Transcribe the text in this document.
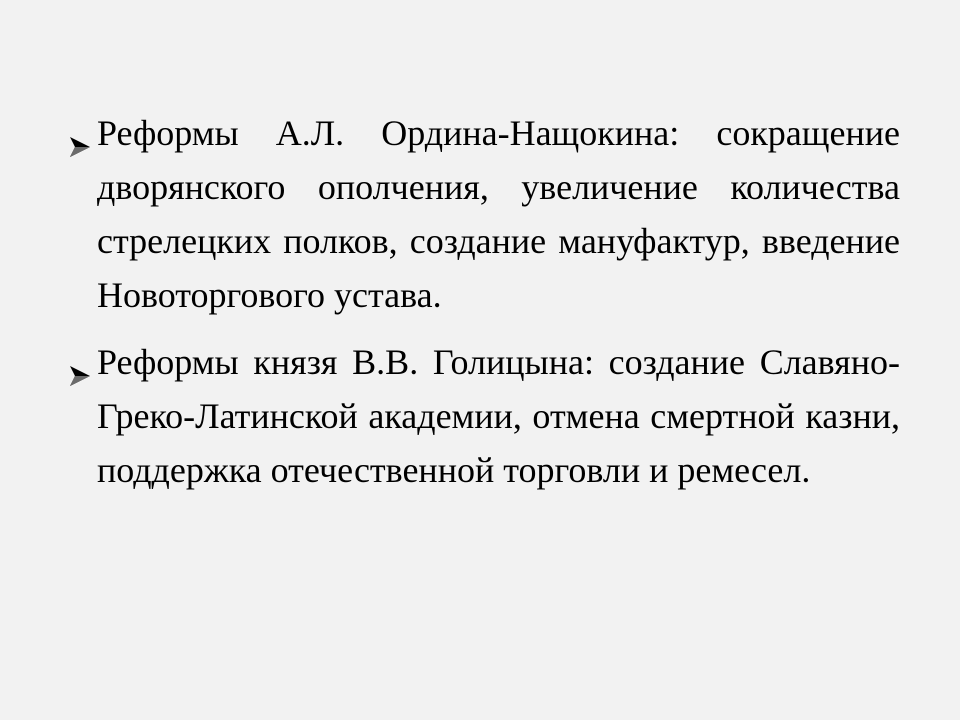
Реформы А.Л. Ордина-Нащокина: сокращение дворянского ополчения, увеличение количества стрелецких полков, создание мануфактур, введение Новоторгового устава.
Реформы князя В.В. Голицына: создание Славяно-Греко-Латинской академии, отмена смертной казни, поддержка отечественной торговли и ремесел.
